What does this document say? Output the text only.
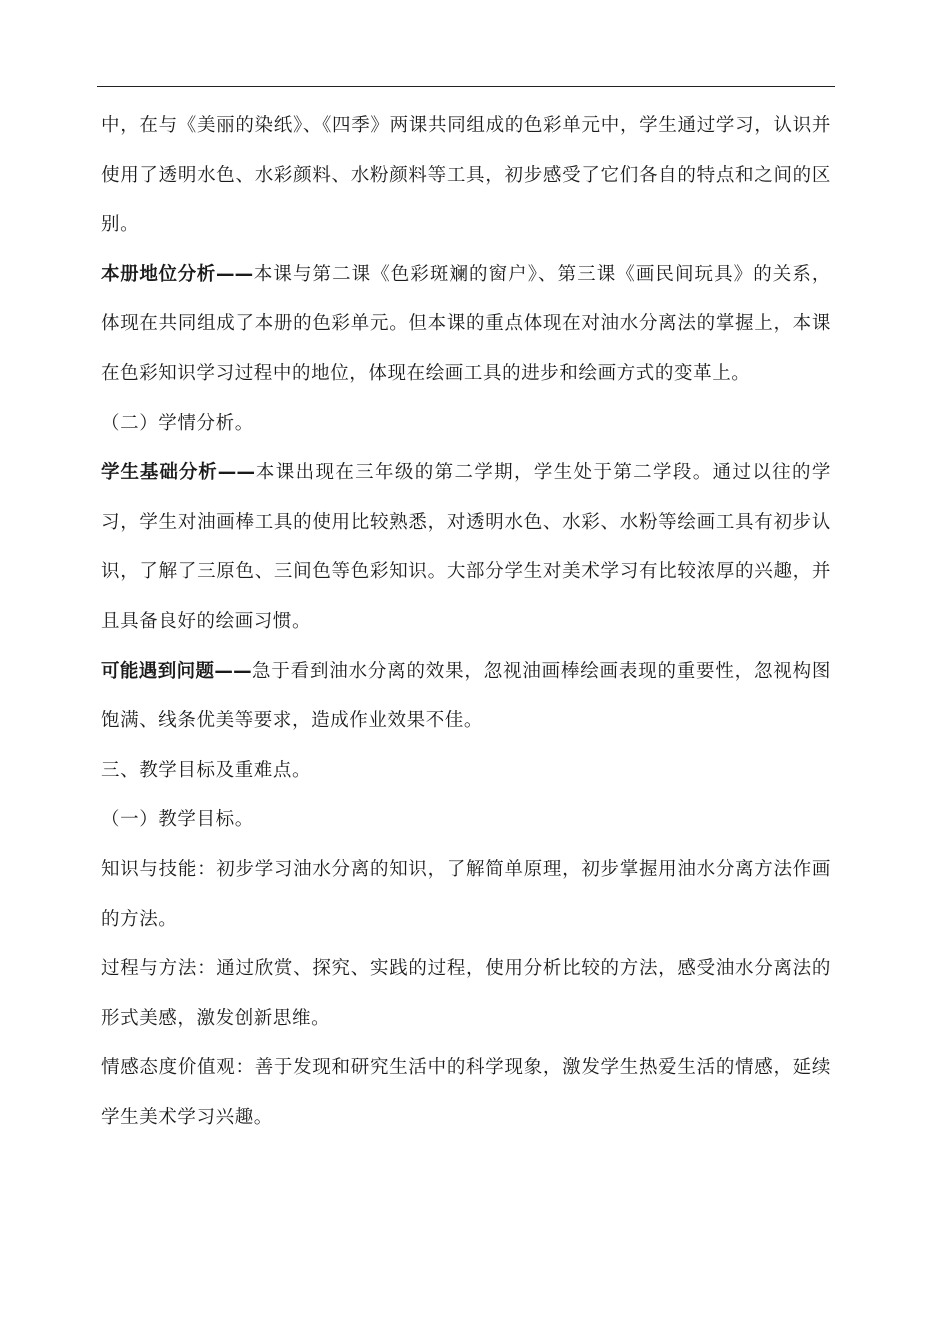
中，在与《美丽的染纸》、《四季》两课共同组成的色彩单元中，学生通过学习，认识并使用了透明水色、水彩颜料、水粉颜料等工具，初步感受了它们各自的特点和之间的区别。

本册地位分析——本课与第二课《色彩斑斓的窗户》、第三课《画民间玩具》的关系，体现在共同组成了本册的色彩单元。但本课的重点体现在对油水分离法的掌握上，本课在色彩知识学习过程中的地位，体现在绘画工具的进步和绘画方式的变革上。

（二）学情分析。

学生基础分析——本课出现在三年级的第二学期，学生处于第二学段。通过以往的学习，学生对油画棒工具的使用比较熟悉，对透明水色、水彩、水粉等绘画工具有初步认识，了解了三原色、三间色等色彩知识。大部分学生对美术学习有比较浓厚的兴趣，并且具备良好的绘画习惯。

可能遇到问题——急于看到油水分离的效果，忽视油画棒绘画表现的重要性，忽视构图饱满、线条优美等要求，造成作业效果不佳。

三、教学目标及重难点。

（一）教学目标。

知识与技能：初步学习油水分离的知识，了解简单原理，初步掌握用油水分离方法作画的方法。

过程与方法：通过欣赏、探究、实践的过程，使用分析比较的方法，感受油水分离法的形式美感，激发创新思维。

情感态度价值观：善于发现和研究生活中的科学现象，激发学生热爱生活的情感，延续学生美术学习兴趣。
